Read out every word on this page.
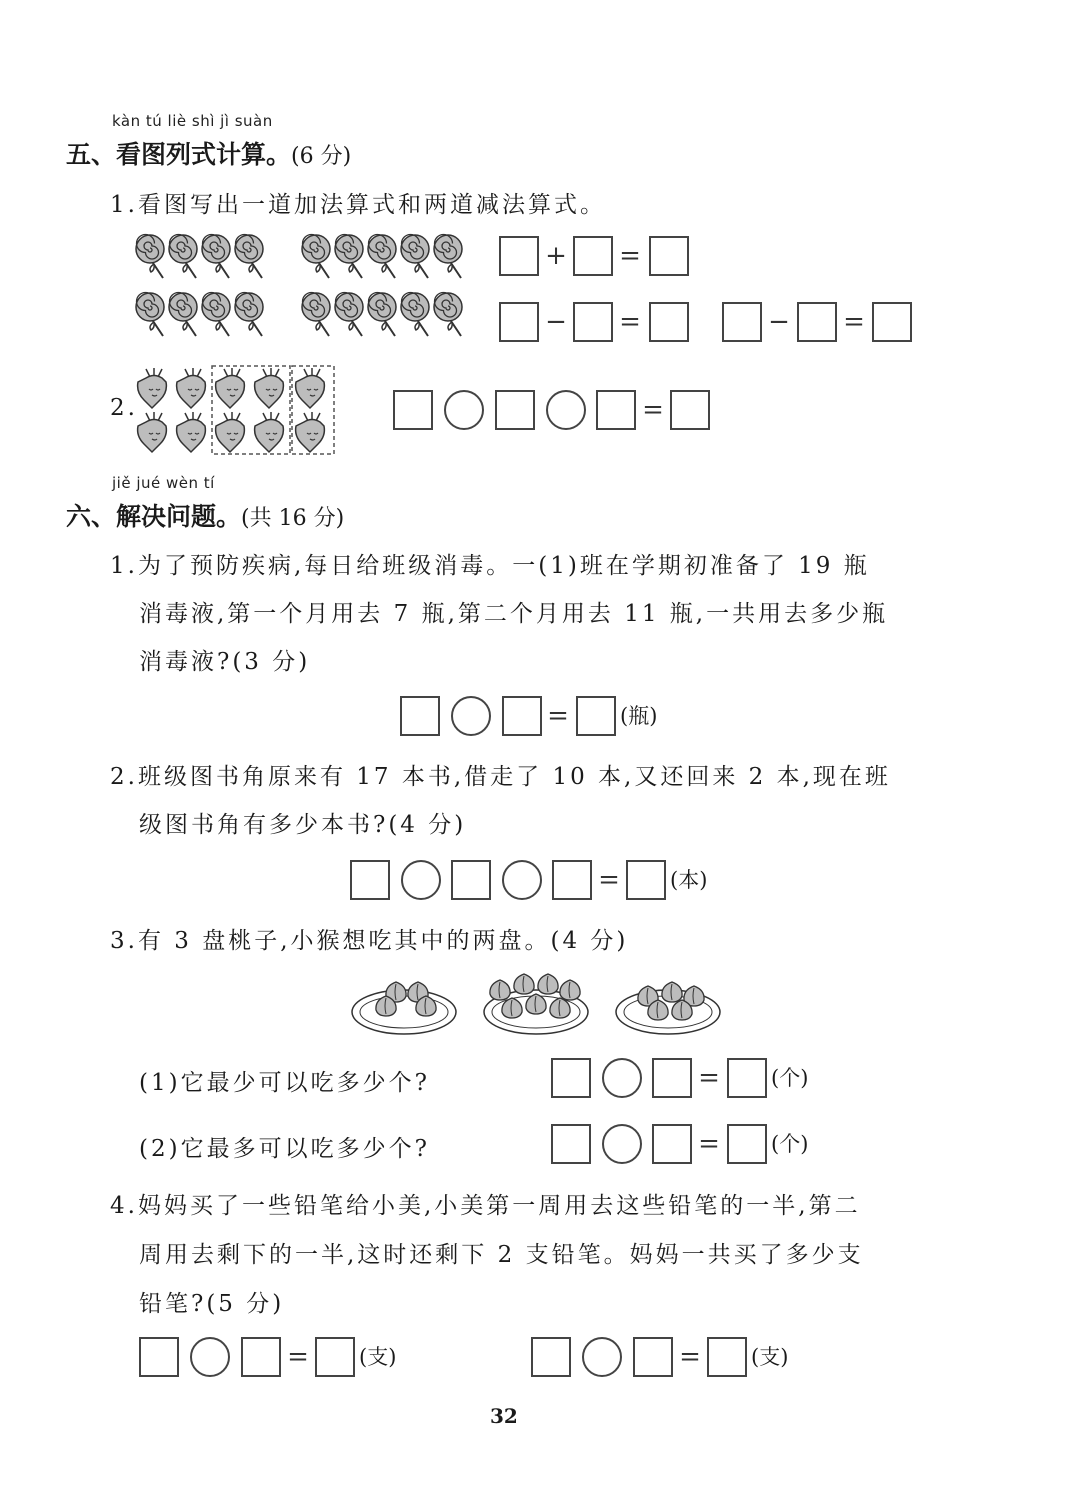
kàn tú liè shì jì suàn
五、看图列式计算。(6 分)
1.看图写出一道加法算式和两道减法算式。
+ =
− =	− =
2.	=
jiě jué wèn tí
六、解决问题。(共 16 分)
1.为了预防疾病,每日给班级消毒。一(1)班在学期初准备了 19 瓶
消毒液,第一个月用去 7 瓶,第二个月用去 11 瓶,一共用去多少瓶
消毒液?(3 分)
= (瓶)
2.班级图书角原来有 17 本书,借走了 10 本,又还回来 2 本,现在班
级图书角有多少本书?(4 分)
= (本)
3.有 3 盘桃子,小猴想吃其中的两盘。(4 分)
(1)它最少可以吃多少个?	= (个)
(2)它最多可以吃多少个?	= (个)
4.妈妈买了一些铅笔给小美,小美第一周用去这些铅笔的一半,第二
周用去剩下的一半,这时还剩下 2 支铅笔。妈妈一共买了多少支
铅笔?(5 分)
= (支)	= (支)
32
